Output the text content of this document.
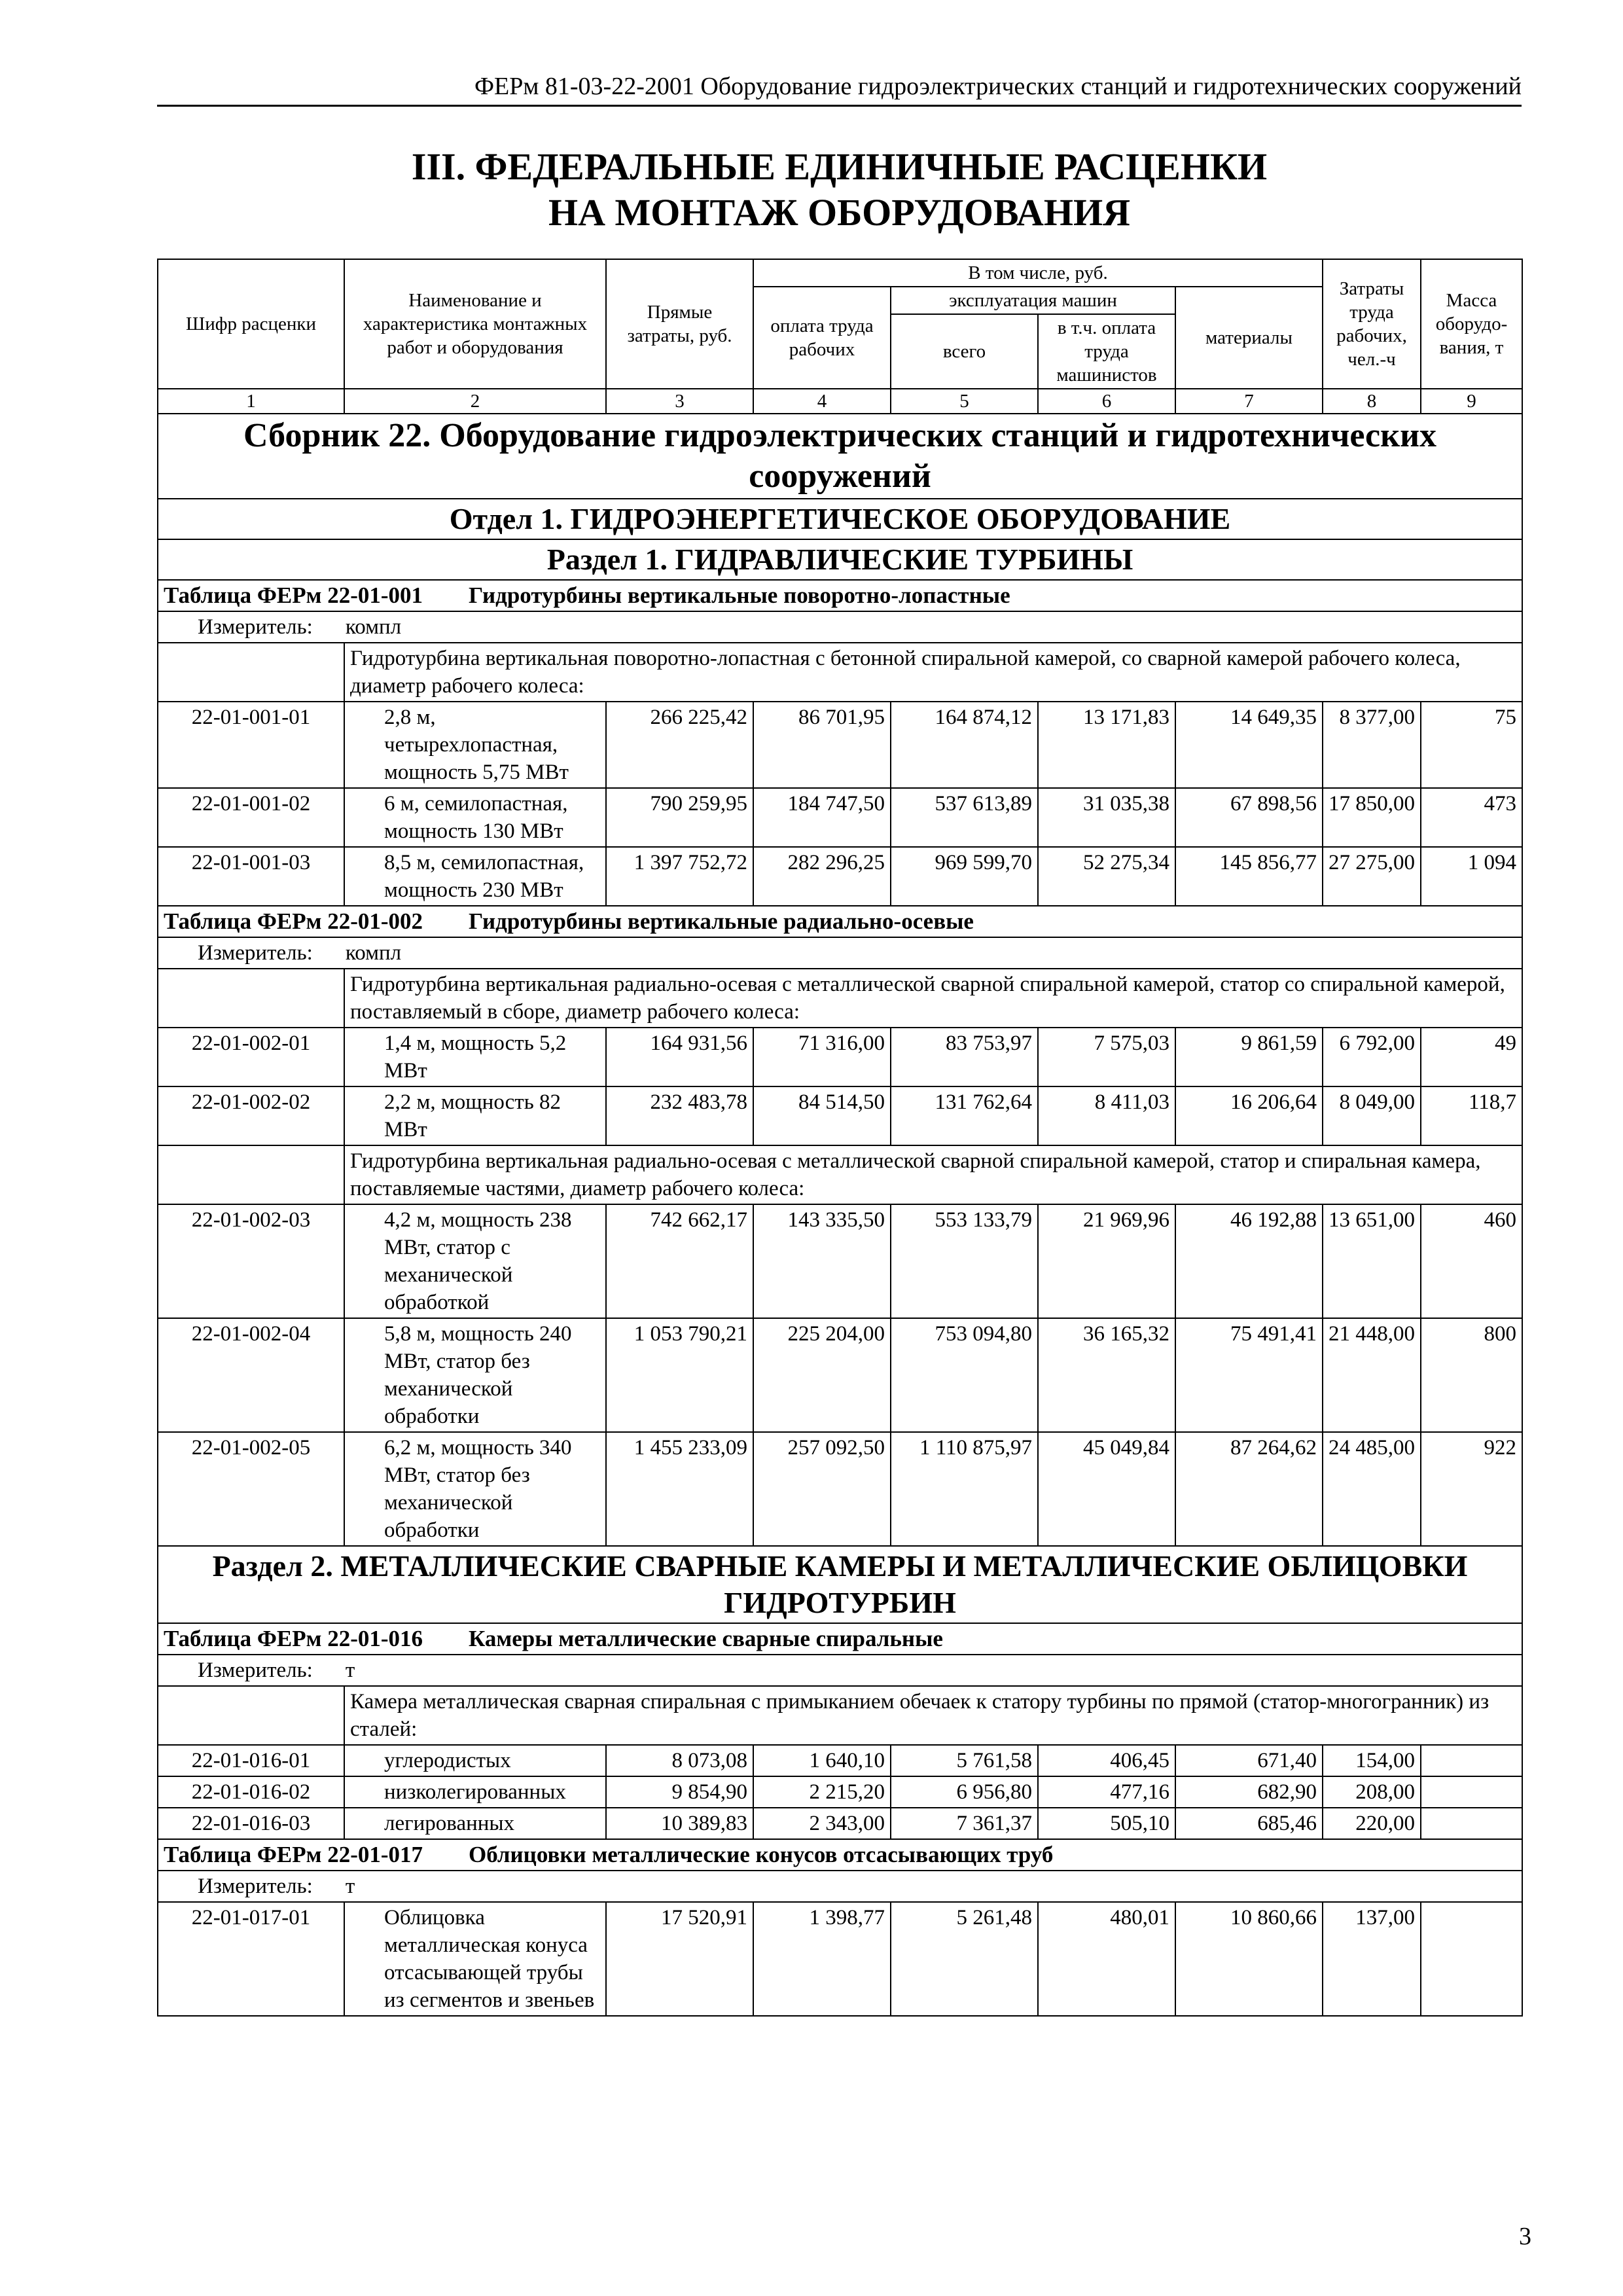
ФЕРм 81-03-22-2001 Оборудование гидроэлектрических станций и гидротехнических сооружений
III. ФЕДЕРАЛЬНЫЕ ЕДИНИЧНЫЕ РАСЦЕНКИ
НА МОНТАЖ ОБОРУДОВАНИЯ
Шифр расценки	Наименование и характеристика монтажных работ и оборудования	Прямые затраты, руб.	В том числе, руб.				Затраты труда рабочих, чел.-ч	Масса оборудо-вания, т
			оплата труда рабочих	эксплуатация машин		материалы		
				всего	в т.ч. оплата труда машинистов			
1	2	3	4	5	6	7	8	9
Сборник 22. Оборудование гидроэлектрических станций и гидротехнических сооружений								
Отдел 1. ГИДРОЭНЕРГЕТИЧЕСКОЕ ОБОРУДОВАНИЕ								
Раздел 1. ГИДРАВЛИЧЕСКИЕ ТУРБИНЫ								
Таблица ФЕРм 22-01-001 Гидротурбины вертикальные поворотно-лопастные								
Измеритель: компл								
	Гидротурбина вертикальная поворотно-лопастная с бетонной спиральной камерой, со сварной камерой рабочего колеса, диаметр рабочего колеса:							
22-01-001-01	2,8 м, четырехлопастная, мощность 5,75 МВт	266 225,42	86 701,95	164 874,12	13 171,83	14 649,35	8 377,00	75
22-01-001-02	6 м, семилопастная, мощность 130 МВт	790 259,95	184 747,50	537 613,89	31 035,38	67 898,56	17 850,00	473
22-01-001-03	8,5 м, семилопастная, мощность 230 МВт	1 397 752,72	282 296,25	969 599,70	52 275,34	145 856,77	27 275,00	1 094
Таблица ФЕРм 22-01-002 Гидротурбины вертикальные радиально-осевые								
Измеритель: компл								
	Гидротурбина вертикальная радиально-осевая с металлической сварной спиральной камерой, статор со спиральной камерой, поставляемый в сборе, диаметр рабочего колеса:							
22-01-002-01	1,4 м, мощность 5,2 МВт	164 931,56	71 316,00	83 753,97	7 575,03	9 861,59	6 792,00	49
22-01-002-02	2,2 м, мощность 82 МВт	232 483,78	84 514,50	131 762,64	8 411,03	16 206,64	8 049,00	118,7
	Гидротурбина вертикальная радиально-осевая с металлической сварной спиральной камерой, статор и спиральная камера, поставляемые частями, диаметр рабочего колеса:							
22-01-002-03	4,2 м, мощность 238 МВт, статор с механической обработкой	742 662,17	143 335,50	553 133,79	21 969,96	46 192,88	13 651,00	460
22-01-002-04	5,8 м, мощность 240 МВт, статор без механической обработки	1 053 790,21	225 204,00	753 094,80	36 165,32	75 491,41	21 448,00	800
22-01-002-05	6,2 м, мощность 340 МВт, статор без механической обработки	1 455 233,09	257 092,50	1 110 875,97	45 049,84	87 264,62	24 485,00	922
Раздел 2. МЕТАЛЛИЧЕСКИЕ СВАРНЫЕ КАМЕРЫ И МЕТАЛЛИЧЕСКИЕ ОБЛИЦОВКИ ГИДРОТУРБИН								
Таблица ФЕРм 22-01-016 Камеры металлические сварные спиральные								
Измеритель: т								
	Камера металлическая сварная спиральная с примыканием обечаек к статору турбины по прямой (статор-многогранник) из сталей:							
22-01-016-01	углеродистых	8 073,08	1 640,10	5 761,58	406,45	671,40	154,00	
22-01-016-02	низколегированных	9 854,90	2 215,20	6 956,80	477,16	682,90	208,00	
22-01-016-03	легированных	10 389,83	2 343,00	7 361,37	505,10	685,46	220,00	
Таблица ФЕРм 22-01-017 Облицовки металлические конусов отсасывающих труб								
Измеритель: т								
22-01-017-01	Облицовка металлическая конуса отсасывающей трубы из сегментов и звеньев	17 520,91	1 398,77	5 261,48	480,01	10 860,66	137,00	
3
